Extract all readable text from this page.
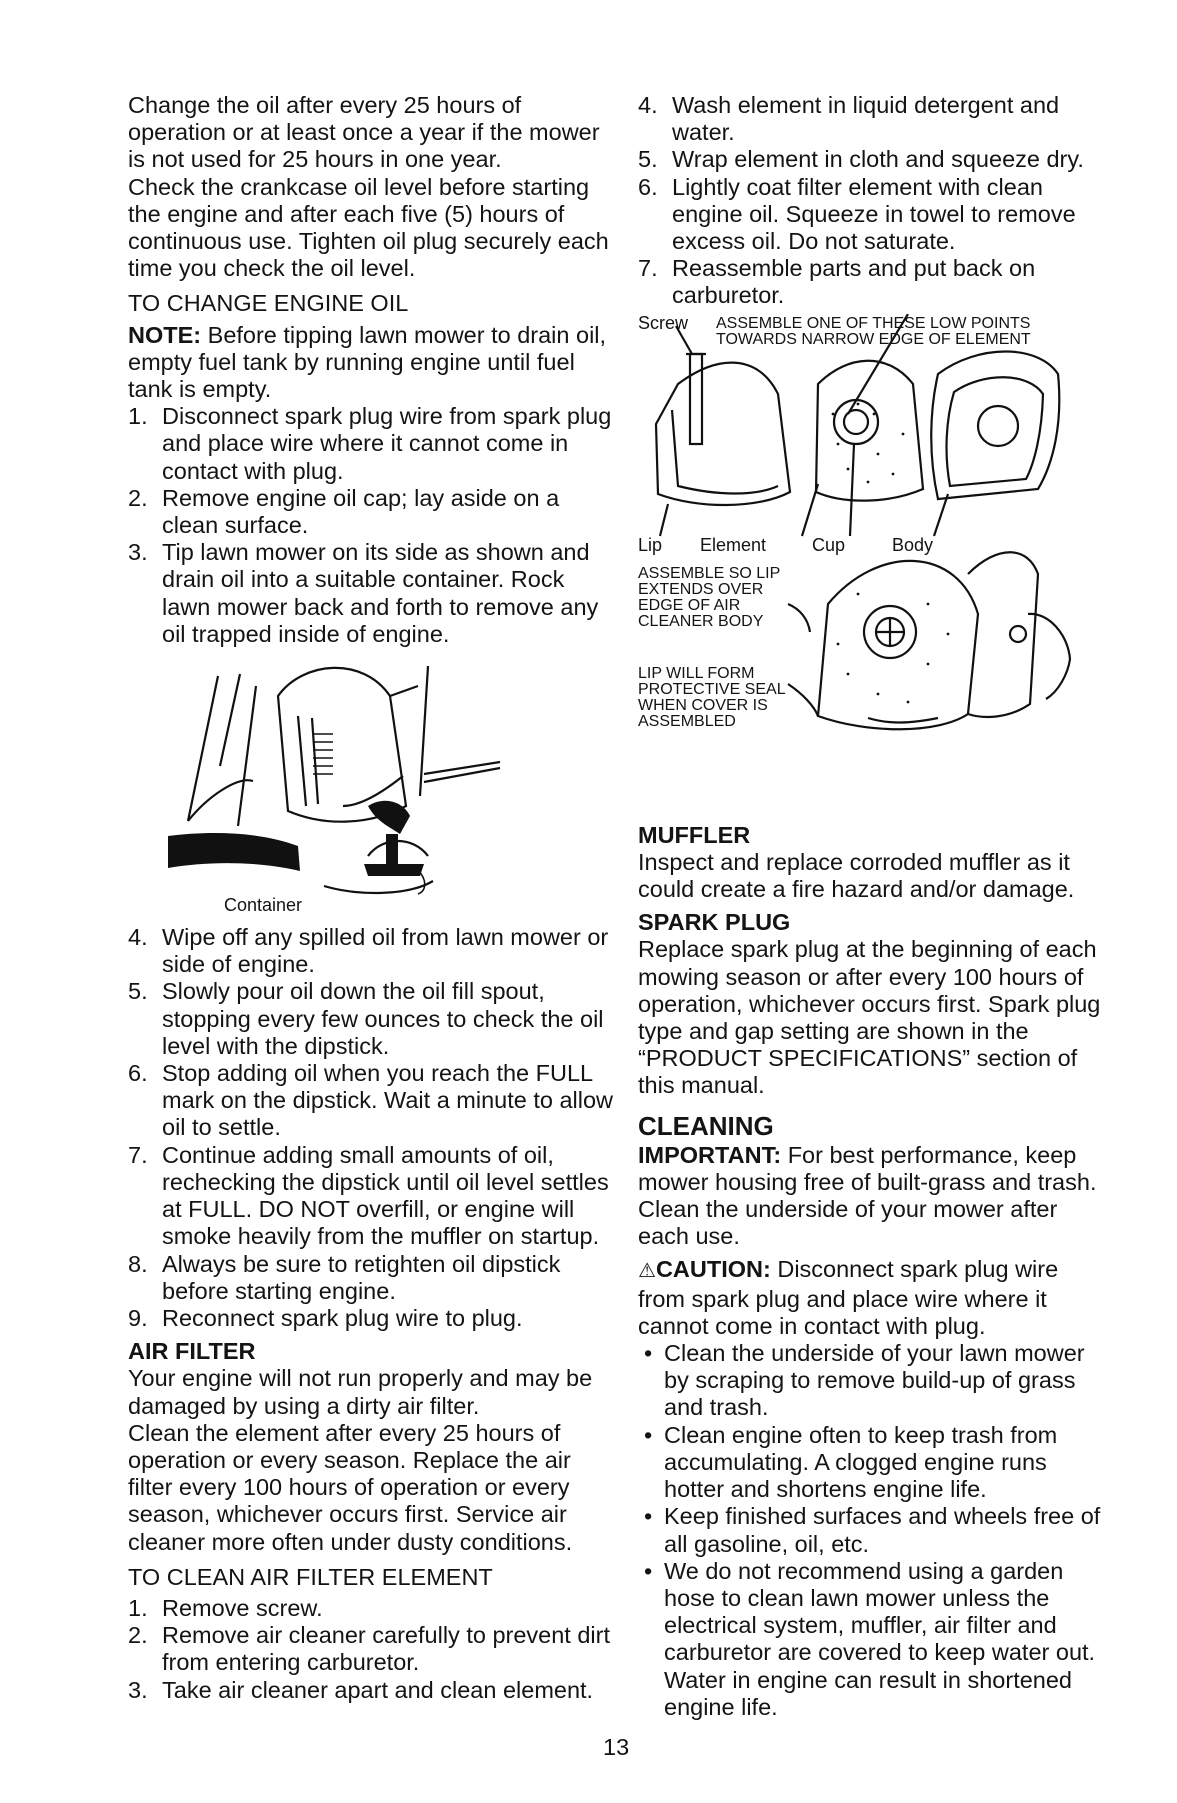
Change the oil after every 25 hours of operation or at least once a year if the mower is not used for 25 hours in one year.

Check the crankcase oil level before starting the engine and after each five (5) hours of continuous use. Tighten oil plug securely each time you check the oil level.

TO CHANGE ENGINE OIL

NOTE: Before tipping lawn mower to drain oil, empty fuel tank by running engine until fuel tank is empty.

1. Disconnect spark plug wire from spark plug and place wire where it cannot come in contact with plug.
2. Remove engine oil cap; lay aside on a clean surface.
3. Tip lawn mower on its side as shown and drain oil into a suitable container. Rock lawn mower back and forth to remove any oil trapped inside of engine.
Container
4. Wipe off any spilled oil from lawn mower or side of engine.
5. Slowly pour oil down the oil fill spout, stopping every few ounces to check the oil level with the dipstick.
6. Stop adding oil when you reach the FULL mark on the dipstick. Wait a minute to allow oil to settle.
7. Continue adding small amounts of oil, rechecking the dipstick until oil level settles at FULL. DO NOT overfill, or engine will smoke heavily from the muffler on startup.
8. Always be sure to retighten oil dipstick before starting engine.
9. Reconnect spark plug wire to plug.

AIR FILTER

Your engine will not run properly and may be damaged by using a dirty air filter.

Clean the element after every 25 hours of operation or every season. Replace the air filter every 100 hours of operation or every season, whichever occurs first. Service air cleaner more often under dusty conditions.

TO CLEAN AIR FILTER ELEMENT

1. Remove screw.
2. Remove air cleaner carefully to prevent dirt from entering carburetor.
3. Take air cleaner apart and clean element.
4. Wash element in liquid detergent and water.
5. Wrap element in cloth and squeeze dry.
6. Lightly coat filter element with clean engine oil. Squeeze in towel to remove excess oil. Do not saturate.
7. Reassemble parts and put back on carburetor.
Screw ASSEMBLE ONE OF THESE LOW POINTS TOWARDS NARROW EDGE OF ELEMENT
Lip Element	Cup	Body
ASSEMBLE SO LIP EXTENDS OVER EDGE OF AIR CLEANER BODY
LIP WILL FORM PROTECTIVE SEAL WHEN COVER IS ASSEMBLED

MUFFLER

Inspect and replace corroded muffler as it could create a fire hazard and/or damage.

SPARK PLUG

Replace spark plug at the beginning of each mowing season or after every 100 hours of operation, whichever occurs first. Spark plug type and gap setting are shown in the “PRODUCT SPECIFICATIONS” section of this manual.

CLEANING

IMPORTANT: For best performance, keep mower housing free of built-grass and trash. Clean the underside of your mower after each use.

⚠CAUTION: Disconnect spark plug wire from spark plug and place wire where it cannot come in contact with plug.

• Clean the underside of your lawn mower by scraping to remove build-up of grass and trash.
• Clean engine often to keep trash from accumulating. A clogged engine runs hotter and shortens engine life.
• Keep finished surfaces and wheels free of all gasoline, oil, etc.
• We do not recommend using a garden hose to clean lawn mower unless the electrical system, muffler, air filter and carburetor are covered to keep water out. Water in engine can result in shortened engine life.
13
